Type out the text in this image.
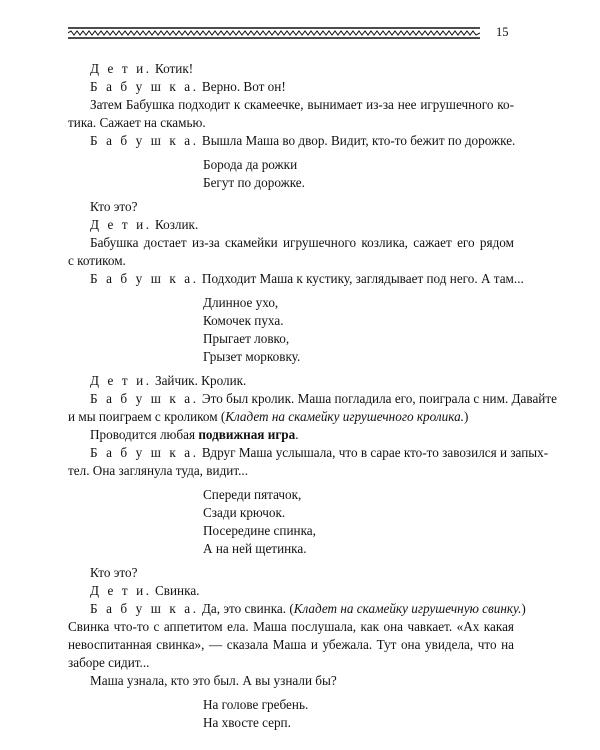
15
Д е т и. Котик!
Б а б у ш к а. Верно. Вот он!
Затем Бабушка подходит к скамеечке, вынимает из-за нее игрушечного ко-
тика. Сажает на скамью.
Б а б у ш к а. Вышла Маша во двор. Видит, кто-то бежит по дорожке.
Борода да рожки
Бегут по дорожке.
Кто это?
Д е т и. Козлик.
Бабушка достает из-за скамейки игрушечного козлика, сажает его рядом
с котиком.
Б а б у ш к а. Подходит Маша к кустику, заглядывает под него. А там...
Длинное ухо,
Комочек пуха.
Прыгает ловко,
Грызет морковку.
Д е т и. Зайчик. Кролик.
Б а б у ш к а. Это был кролик. Маша погладила его, поиграла с ним. Давайте
и мы поиграем с кроликом (Кладет на скамейку игрушечного кролика.)
Проводится любая подвижная игра.
Б а б у ш к а. Вдруг Маша услышала, что в сарае кто-то завозился и запых-
тел. Она заглянула туда, видит...
Спереди пятачок,
Сзади крючок.
Посередине спинка,
А на ней щетинка.
Кто это?
Д е т и. Свинка.
Б а б у ш к а. Да, это свинка. (Кладет на скамейку игрушечную свинку.)
Свинка что-то с аппетитом ела. Маша послушала, как она чавкает. «Ах какая
невоспитанная свинка», — сказала Маша и убежала. Тут она увидела, что на
заборе сидит...
Маша узнала, кто это был. А вы узнали бы?
На голове гребень.
На хвосте серп.
